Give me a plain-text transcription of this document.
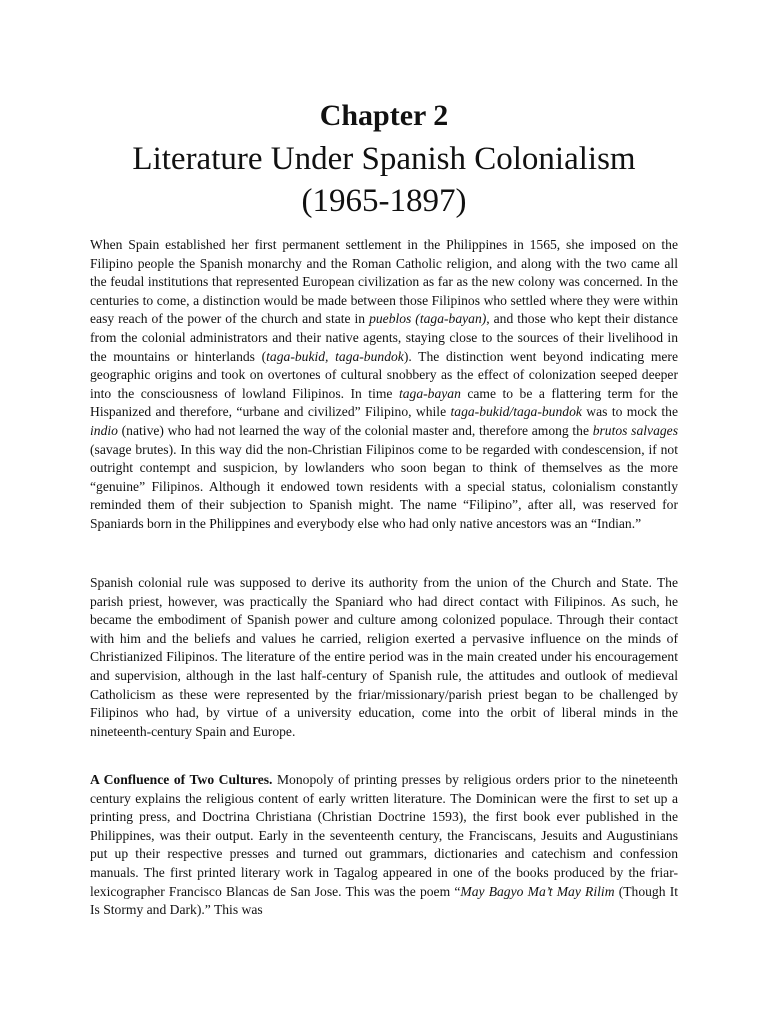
Chapter 2
Literature Under Spanish Colonialism
(1965-1897)

When Spain established her first permanent settlement in the Philippines in 1565, she imposed on the Filipino people the Spanish monarchy and the Roman Catholic religion, and along with the two came all the feudal institutions that represented European civilization as far as the new colony was concerned. In the centuries to come, a distinction would be made between those Filipinos who settled where they were within easy reach of the power of the church and state in pueblos (taga-bayan), and those who kept their distance from the colonial administrators and their native agents, staying close to the sources of their livelihood in the mountains or hinterlands (taga-bukid, taga-bundok). The distinction went beyond indicating mere geographic origins and took on overtones of cultural snobbery as the effect of colonization seeped deeper into the consciousness of lowland Filipinos. In time taga-bayan came to be a flattering term for the Hispanized and therefore, “urbane and civilized” Filipino, while taga-bukid/taga-bundok was to mock the indio (native) who had not learned the way of the colonial master and, therefore among the brutos salvages (savage brutes). In this way did the non-Christian Filipinos come to be regarded with condescension, if not outright contempt and suspicion, by lowlanders who soon began to think of themselves as the more “genuine” Filipinos. Although it endowed town residents with a special status, colonialism constantly reminded them of their subjection to Spanish might. The name “Filipino”, after all, was reserved for Spaniards born in the Philippines and everybody else who had only native ancestors was an “Indian.”

Spanish colonial rule was supposed to derive its authority from the union of the Church and State. The parish priest, however, was practically the Spaniard who had direct contact with Filipinos. As such, he became the embodiment of Spanish power and culture among colonized populace. Through their contact with him and the beliefs and values he carried, religion exerted a pervasive influence on the minds of Christianized Filipinos. The literature of the entire period was in the main created under his encouragement and supervision, although in the last half-century of Spanish rule, the attitudes and outlook of medieval Catholicism as these were represented by the friar/missionary/parish priest began to be challenged by Filipinos who had, by virtue of a university education, come into the orbit of liberal minds in the nineteenth-century Spain and Europe.

A Confluence of Two Cultures. Monopoly of printing presses by religious orders prior to the nineteenth century explains the religious content of early written literature. The Dominican were the first to set up a printing press, and Doctrina Christiana (Christian Doctrine 1593), the first book ever published in the Philippines, was their output. Early in the seventeenth century, the Franciscans, Jesuits and Augustinians put up their respective presses and turned out grammars, dictionaries and catechism and confession manuals. The first printed literary work in Tagalog appeared in one of the books produced by the friar-lexicographer Francisco Blancas de San Jose. This was the poem “May Bagyo Ma’t May Rilim (Though It Is Stormy and Dark).” This was
